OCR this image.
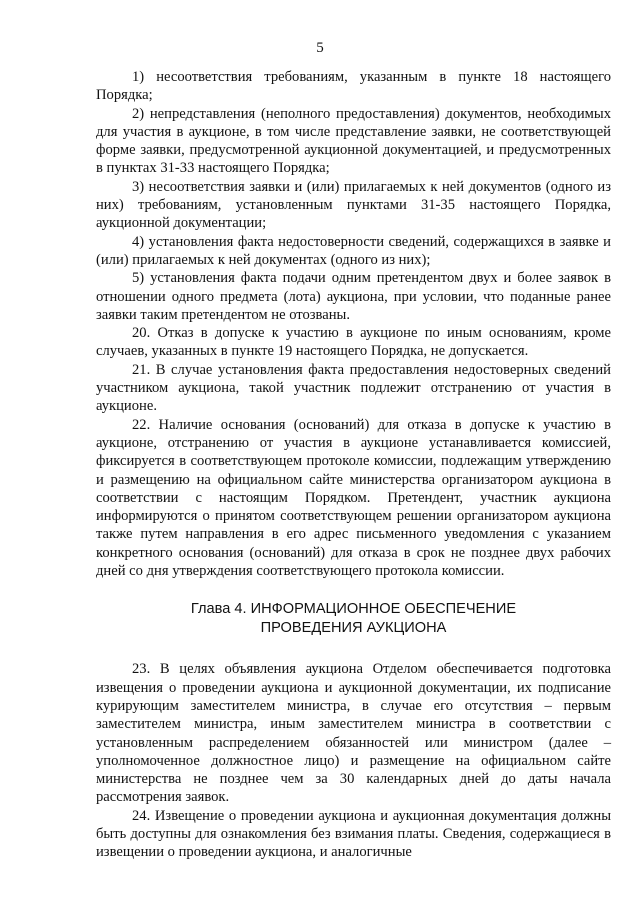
5

1) несоответствия требованиям, указанным в пункте 18 настоящего Порядка;

2) непредставления (неполного предоставления) документов, необходимых для участия в аукционе, в том числе представление заявки, не соответствующей форме заявки, предусмотренной аукционной документацией, и предусмотренных в пунктах 31-33 настоящего Порядка;

3) несоответствия заявки и (или) прилагаемых к ней документов (одного из них) требованиям, установленным пунктами 31-35 настоящего Порядка, аукционной документации;

4) установления факта недостоверности сведений, содержащихся в заявке и (или) прилагаемых к ней документах (одного из них);

5) установления факта подачи одним претендентом двух и более заявок в отношении одного предмета (лота) аукциона, при условии, что поданные ранее заявки таким претендентом не отозваны.

20. Отказ в допуске к участию в аукционе по иным основаниям, кроме случаев, указанных в пункте 19 настоящего Порядка, не допускается.

21. В случае установления факта предоставления недостоверных сведений участником аукциона, такой участник подлежит отстранению от участия в аукционе.

22. Наличие основания (оснований) для отказа в допуске к участию в аукционе, отстранению от участия в аукционе устанавливается комиссией, фиксируется в соответствующем протоколе комиссии, подлежащим утверждению и размещению на официальном сайте министерства организатором аукциона в соответствии с настоящим Порядком. Претендент, участник аукциона информируются о принятом соответствующем решении организатором аукциона также путем направления в его адрес письменного уведомления с указанием конкретного основания (оснований) для отказа в срок не позднее двух рабочих дней со дня утверждения соответствующего протокола комиссии.

Глава 4. ИНФОРМАЦИОННОЕ ОБЕСПЕЧЕНИЕ

ПРОВЕДЕНИЯ АУКЦИОНА

23. В целях объявления аукциона Отделом обеспечивается подготовка извещения о проведении аукциона и аукционной документации, их подписание курирующим заместителем министра, в случае его отсутствия – первым заместителем министра, иным заместителем министра в соответствии с установленным распределением обязанностей или министром (далее – уполномоченное должностное лицо) и размещение на официальном сайте министерства не позднее чем за 30 календарных дней до даты начала рассмотрения заявок.

24. Извещение о проведении аукциона и аукционная документация должны быть доступны для ознакомления без взимания платы. Сведения, содержащиеся в извещении о проведении аукциона, и аналогичные
